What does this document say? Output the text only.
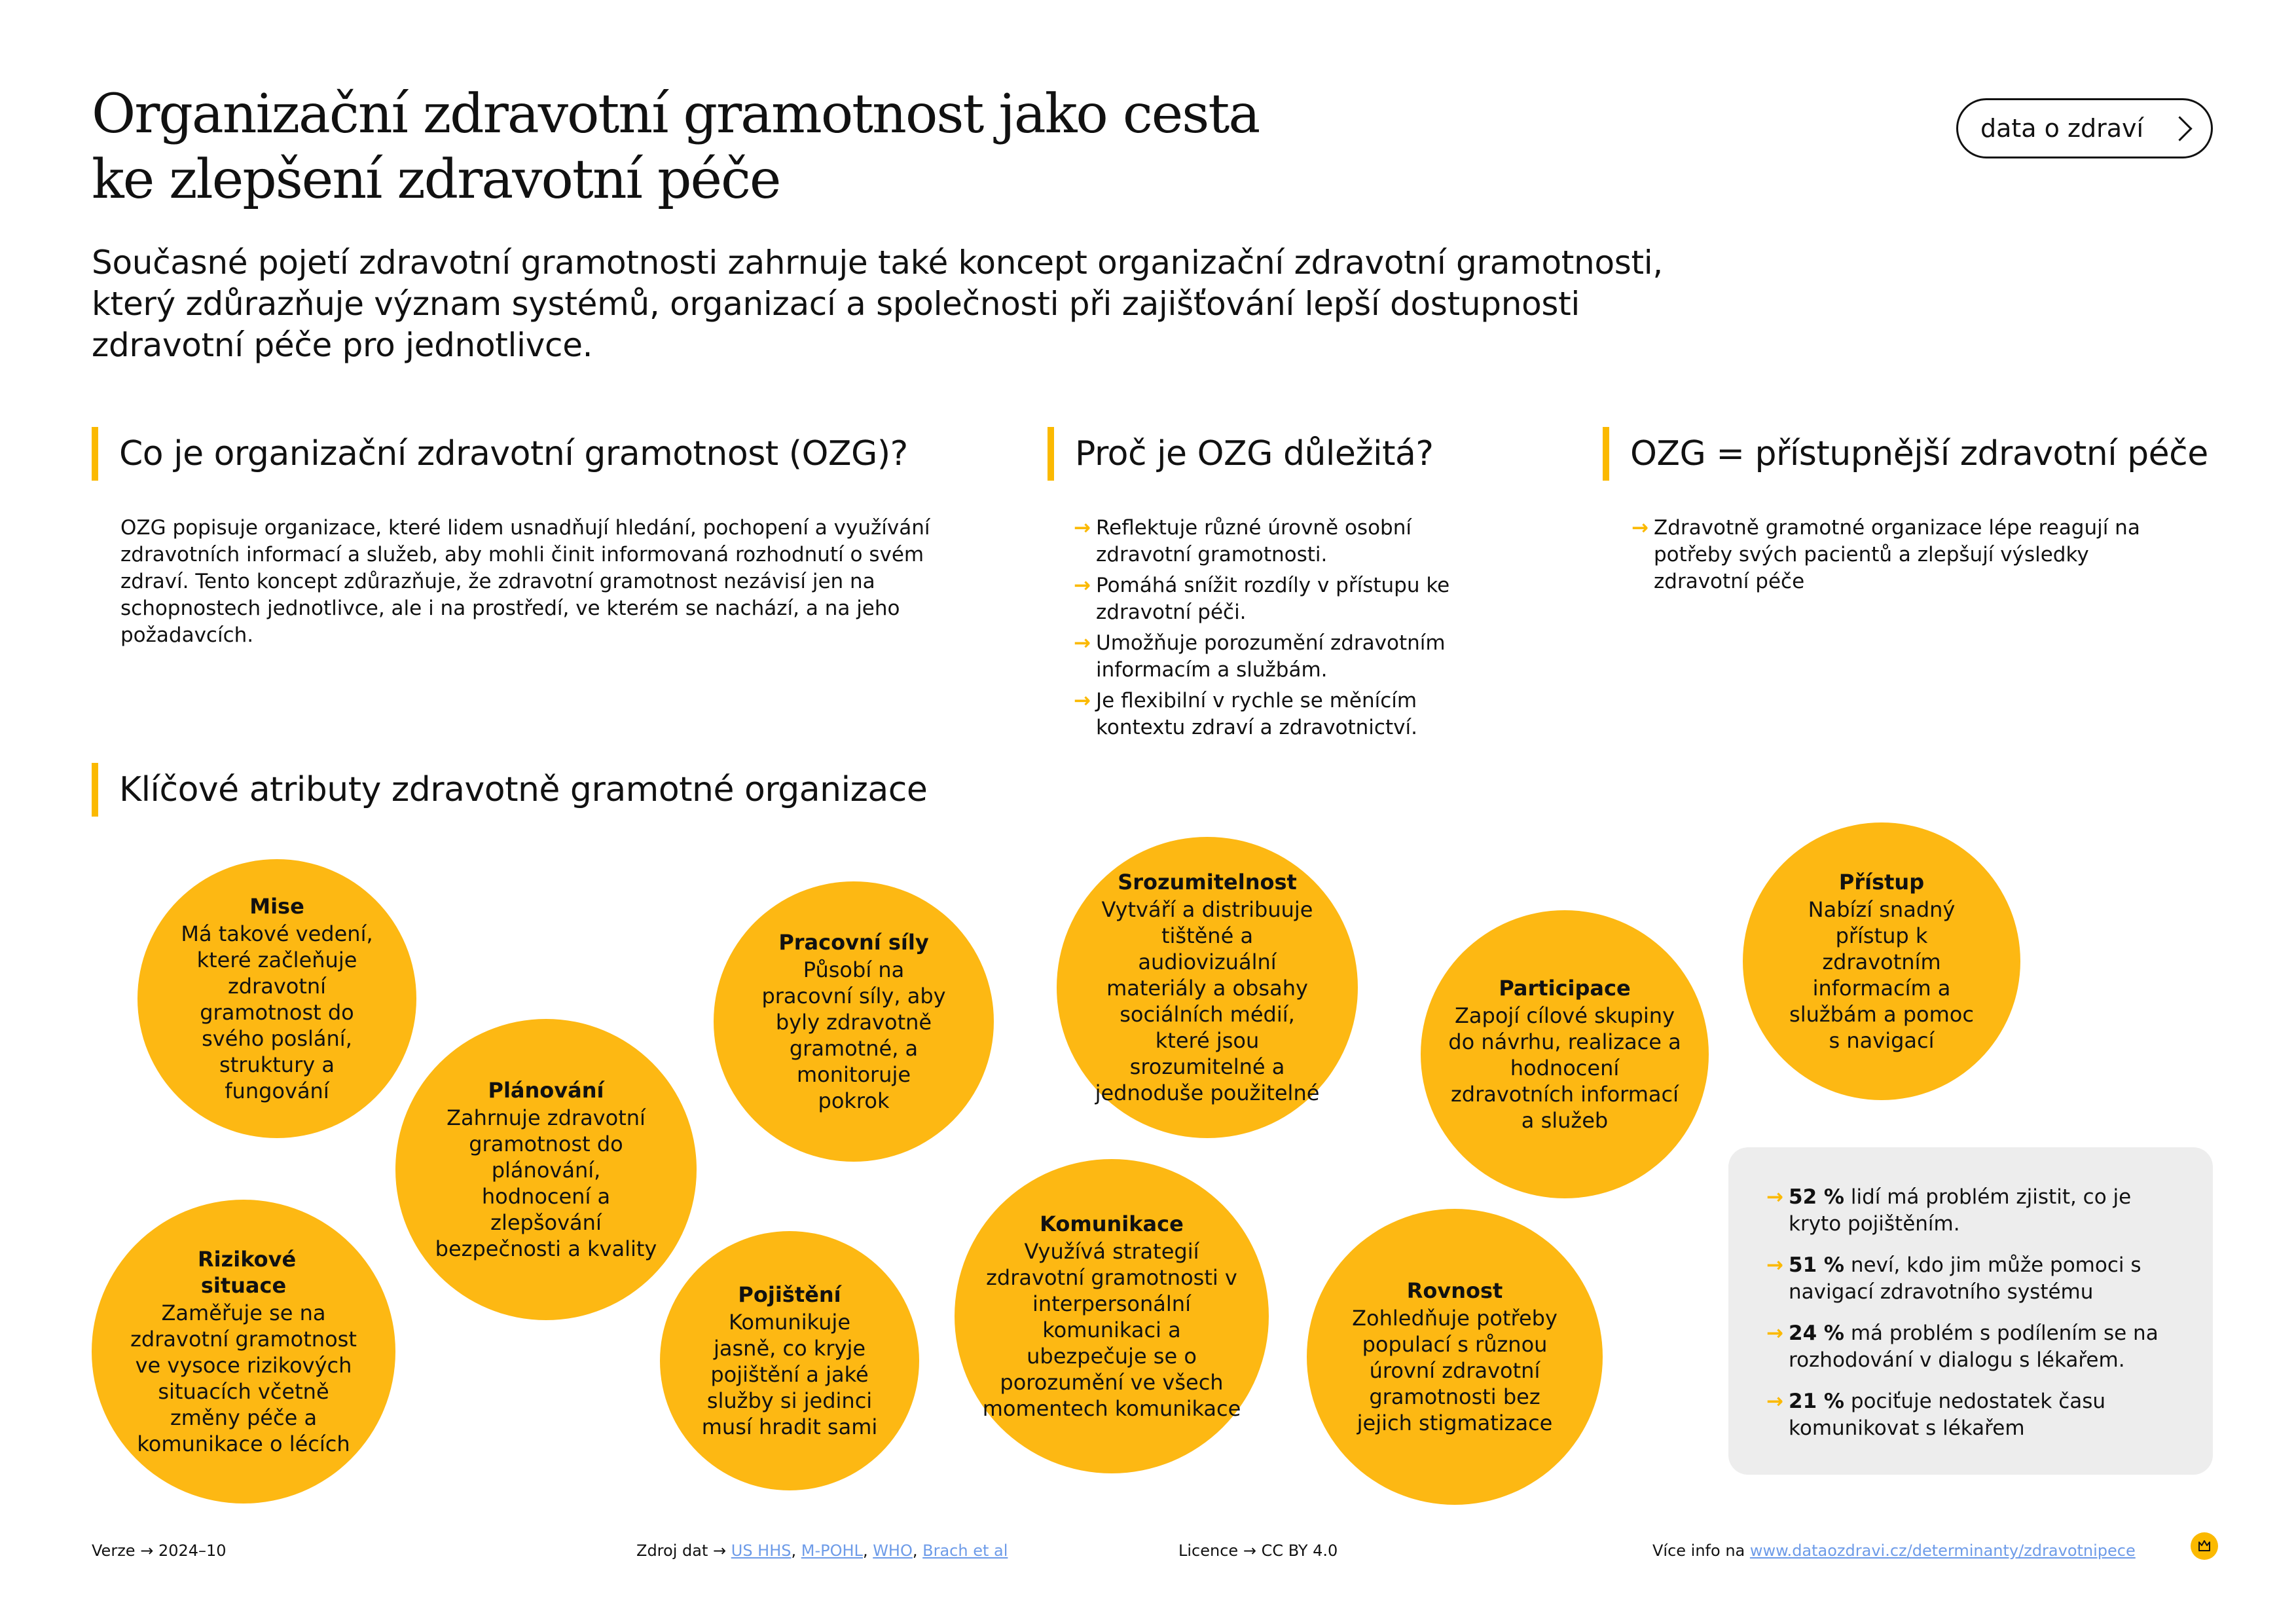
Organizační zdravotní gramotnost jako cesta
ke zlepšení zdravotní péče
data o zdraví

Současné pojetí zdravotní gramotnosti zahrnuje také koncept organizační zdravotní gramotnosti, který zdůrazňuje význam systémů, organizací a společnosti při zajišťování lepší dostupnosti zdravotní péče pro jednotlivce.

Co je organizační zdravotní gramotnost (OZG)?

OZG popisuje organizace, které lidem usnadňují hledání, pochopení a využívání zdravotních informací a služeb, aby mohli činit informovaná rozhodnutí o svém zdraví. Tento koncept zdůrazňuje, že zdravotní gramotnost nezávisí jen na schopnostech jednotlivce, ale i na prostředí, ve kterém se nachází, a na jeho požadavcích.

Proč je OZG důležitá?
→ Reflektuje různé úrovně osobní zdravotní gramotnosti.
→ Pomáhá snížit rozdíly v přístupu ke zdravotní péči.
→ Umožňuje porozumění zdravotním informacím a službám.
→ Je flexibilní v rychle se měnícím kontextu zdraví a zdravotnictví.
OZG = přístupnější zdravotní péče
→ Zdravotně gramotné organizace lépe reagují na potřeby svých pacientů a zlepšují výsledky zdravotní péče
Klíčové atributy zdravotně gramotné organizace

Mise

Má takové vedení, které začleňuje zdravotní gramotnost do svého poslání, struktury a fungování	Plánování

Zahrnuje zdravotní gramotnost do plánování, hodnocení a zlepšování bezpečnosti a kvality

Rizikové situace

Zaměřuje se na zdravotní gramotnost ve vysoce rizikových situacích včetně změny péče a komunikace o lécích

Pracovní síly

Působí na pracovní síly, aby byly zdravotně gramotné, a monitoruje pokrok

Pojištění

Komunikuje jasně, co kryje pojištění a jaké služby si jedinci musí hradit sami

Srozumitelnost

Vytváří a distribuuje tištěné a audiovizuální materiály a obsahy sociálních médií, které jsou srozumitelné a jednoduše použitelné

Komunikace

Využívá strategií zdravotní gramotnosti v interpersonální komunikaci a ubezpečuje se o porozumění ve všech momentech komunikace

Participace

Zapojí cílové skupiny do návrhu, realizace a hodnocení zdravotních informací a služeb

Rovnost

Zohledňuje potřeby populací s různou úrovní zdravotní gramotnosti bez jejich stigmatizace

Přístup

Nabízí snadný přístup k zdravotním informacím a službám a pomoc s navigací

→ 52 % lidí má problém zjistit, co je kryto pojištěním.
→ 51 % neví, kdo jim může pomoci s navigací zdravotního systému
→ 24 % má problém s podílením se na rozhodování v dialogu s lékařem.
→ 21 % pociťuje nedostatek času komunikovat s lékařem
Verze → 2024–10	Zdroj dat → US HHS, M-POHL, WHO, Brach et al	Licence → CC BY 4.0	Více info na www.dataozdravi.cz/determinanty/zdravotnipece
